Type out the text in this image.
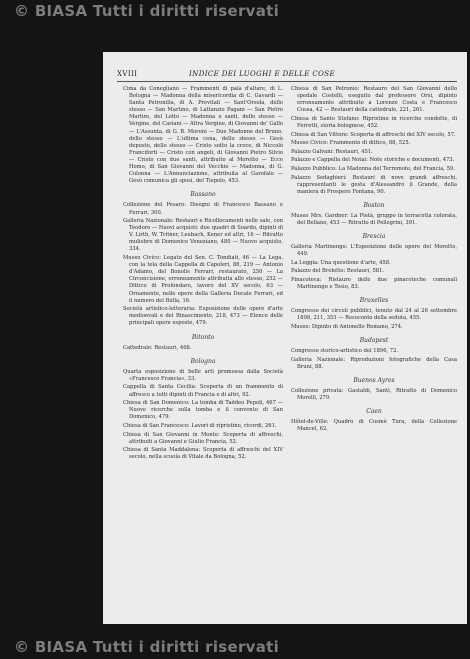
© BIASA Tutti i diritti riservati
XVIII	INDICE DEI LUOGHI E DELLE COSE

Cima da Conegliano — Frammenti di pala d'altare, di L. Bologna — Madonna della misericordia di C. Gavardi — Santa Petronilla, di A. Previtali — Sant'Orsola, dello stesso — San Martino, di Lattanzio Pagani — San Pietro Martire, del Lotto — Madonna e santi, dello stesso — Vergine, del Cariani — Altra Vergine, di Giovanni de' Gallo — L'Assunta, di G. B. Moroni — Due Madonne del Bruno, dello stesso — L'ultima cena, dello stesso — Gesù deposto, dello stesso — Cristo sotto la croce, di Niccolò Franciforti — Cristo con angeli, di Giovanni Pietro Silvio — Cristo con due santi, attribuito al Moretto — Ecce Homo, di San Giovanni del Vecchio — Madonna, di G. Colonna — L'Annunciazione, attribuita al Garofalo — Gesù comunica gli sposi, del Tiepolo, 453.

Bassano

Collezione del Pesaro: Disegni di Francesco Bassano e Ferrari, 300.

Galleria Nazionale: Restauri e Ricollocamenti nelle sale, con Teodoro — Nuovi acquisti: due quadri di Soardo, dipinti di V. Lirth, W. Tritner, Leubach, Kener ed altri, 16 — Ritratto muliebre di Domenico Veneziano, 480 — Nuovo acquisto, 334.

Museo Civico: Legato del Sen. C. Tondiati, 46 — La Lega, con la tela della Cappella di Capoleri, 88, 219 — Antonio d'Adamo, del Bonolis Ferrari, restaurato, 250 — La Circoncisione, erroneamente attribuita allo stesso, 252 — Dittico di Profondaro, lavoro del XV secolo, 63 — Ornamento, nelle opere della Galleria Ducale Ferrari, ed il numero del Bulla, 16.

Società artistico-letteraria: Esposizione delle opere d'arte medioevali e del Rinascimento, 218, 473 — Elenco delle principali opere esposte, 479.

Bitonto

Cattedrale: Restauri, 468.

Bologna

Quarta esposizione di belle arti promossa dalla Società «Francesco Francia», 33.

Cappella di Santa Cecilia: Scoperta di un frammento di affresco a tutti dipinti di Francia e di altri, 92.

Chiesa di San Domenico: La tomba di Taddeo Pepoli, 467 — Nuove ricerche sulla tomba e il convento di San Domenico, 479.

Chiesa di San Francesco: Lavori di ripristino, ricordi, 261.

Chiesa di San Giovanni in Monte: Scoperta di affreschi, attribuiti a Giovanni e Giulio Francia, 52.

Chiesa di Santa Maddalena: Scoperta di affreschi del XIV secolo, nella scuola di Vitale da Bologna, 52.

Chiesa di San Petronio: Restauro del San Giovanni dello spedale Costelli, eseguito dal professore Orsi, dipinto erroneamente attribuito a Lorenzo Costa e Francesco Cossa, 42 — Restauri della cattedrale, 221, 261.

Chiesa di Santo Stefano: Ripristino in ricerche condotte, di Ferretti, storia bolognese, 452.

Chiesa di San Vittore: Scoperta di affreschi del XIV secolo, 57.

Museo Civico: Frammento di dittico, 88, 525.

Palazzo Galvani: Restauri, 451.

Palazzo e Cappella dei Notai: Note storiche e documenti, 473.

Palazzo Pubblico: La Madonna del Terremoto, del Francia, 59.

Palazzo Sedaghieri: Restauri di nove grandi affreschi, rappresentanti le gesta d'Alessandro il Grande, della maniera di Prospero Fontana, 90.

Boston

Museo Mrs. Gardner: La Pietà, gruppo in terracotta colorata, del Bellano, 453 — Ritratto di Pellegrini, 391.

Brescia

Galleria Martinengo: L'Esposizione delle opere del Moretto, 449.

La Loggia: Una questione d'arte, 458.

Palazzo del Broletto: Restauri, 581.

Pinacoteca: Ristauro delle due pinacoteche comunali Martinengo e Tosio, 83.

Bruxelles

Congresso dei circoli pubblici, tenuto dal 24 al 26 settembre 1898, 211, 353 — Resoconto della seduta, 455.

Museo: Dipinto di Antonello Romano, 274.

Budapest

Congresso storico-artistico del 1896, 72.

Galleria Nazionale: Riproduzioni fotografiche della Casa Bruni, 88.

Buenos Ayres

Collezione privata: Gastaldi, Santi, Ritratto di Domenico Morelli, 279.

Caen

Hôtel-de-Ville: Quadro di Cosmè Tura, della Collezione Mancel, 62.

© BIASA Tutti i diritti riservati
